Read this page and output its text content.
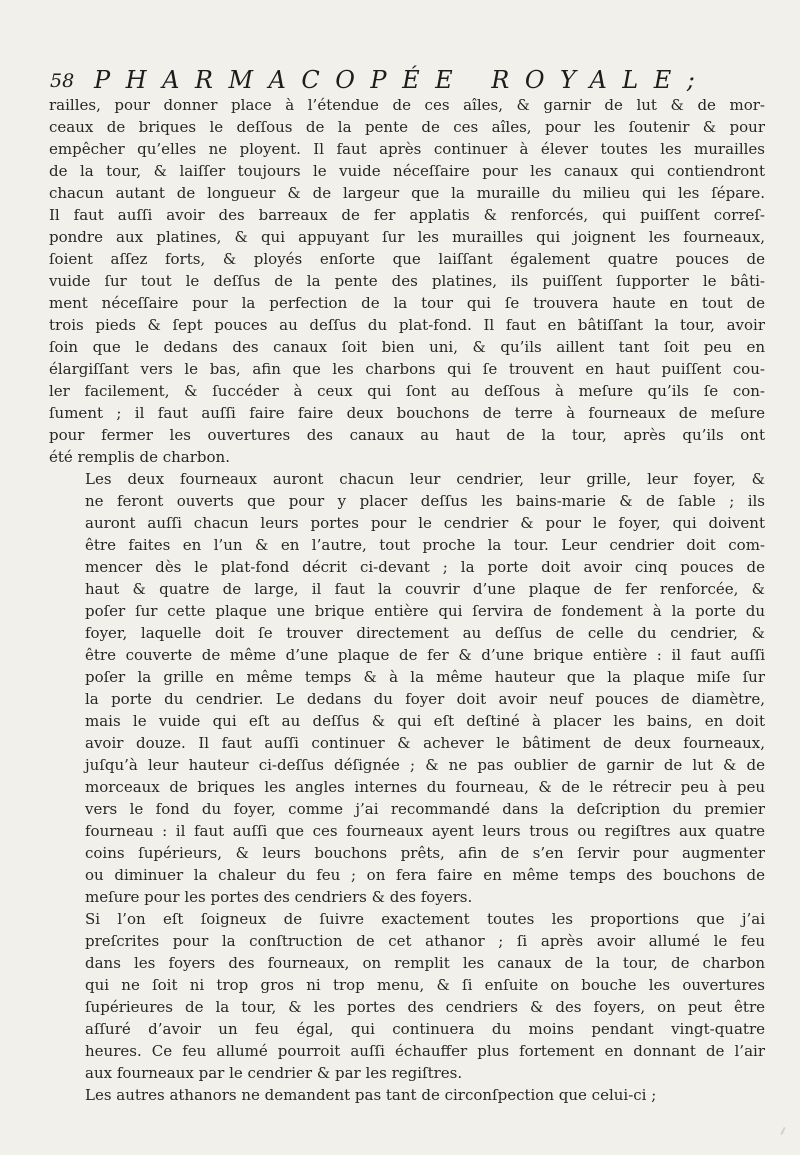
58 PHARMACOPÉE ROYALE;

railles, pour donner place à l’étendue de ces aîles, & garnir de lut & de mor‑
ceaux de briques le deſſous de la pente de ces aîles, pour les ſoutenir & pour
empêcher qu’elles ne ployent. Il faut après continuer à élever toutes les murailles
de la tour, & laiſſer toujours le vuide néceſſaire pour les canaux qui contiendront
chacun autant de longueur & de largeur que la muraille du milieu qui les ſépare.
Il faut auſſi avoir des barreaux de fer applatis & renforcés, qui puiſſent correſ‑
pondre aux platines, & qui appuyant ſur les murailles qui joignent les fourneaux,
ſoient aſſez forts, & ployés enſorte que laiſſant également quatre pouces de
vuide ſur tout le deſſus de la pente des platines, ils puiſſent ſupporter le bâti‑
ment néceſſaire pour la perfection de la tour qui ſe trouvera haute en tout de
trois pieds & ſept pouces au deſſus du plat‑fond. Il faut en bâtiſſant la tour, avoir
ſoin que le dedans des canaux ſoit bien uni, & qu’ils aillent tant ſoit peu en
élargiſſant vers le bas, afin que les charbons qui ſe trouvent en haut puiſſent cou‑
ler facilement, & ſuccéder à ceux qui ſont au deſſous à meſure qu’ils ſe con‑
ſument ; il faut auſſi faire faire deux bouchons de terre à fourneaux de meſure
pour fermer les ouvertures des canaux au haut de la tour, après qu’ils ont
été remplis de charbon.

Les deux fourneaux auront chacun leur cendrier, leur grille, leur foyer, &
ne feront ouverts que pour y placer deſſus les bains‑marie & de ſable ; ils
auront auſſi chacun leurs portes pour le cendrier & pour le foyer, qui doivent
être faites en l’un & en l’autre, tout proche la tour. Leur cendrier doit com‑
mencer dès le plat‑fond décrit ci‑devant ; la porte doit avoir cinq pouces de
haut & quatre de large, il faut la couvrir d’une plaque de fer renforcée, &
poſer ſur cette plaque une brique entière qui ſervira de fondement à la porte du
foyer, laquelle doit ſe trouver directement au deſſus de celle du cendrier, &
être couverte de même d’une plaque de fer & d’une brique entière : il faut auſſi
poſer la grille en même temps & à la même hauteur que la plaque miſe ſur
la porte du cendrier. Le dedans du foyer doit avoir neuf pouces de diamètre,
mais le vuide qui eſt au deſſus & qui eſt deſtiné à placer les bains, en doit
avoir douze. Il faut auſſi continuer & achever le bâtiment de deux fourneaux,
juſqu’à leur hauteur ci‑deſſus déſignée ; & ne pas oublier de garnir de lut & de
morceaux de briques les angles internes du fourneau, & de le rétrecir peu à peu
vers le fond du foyer, comme j’ai recommandé dans la deſcription du premier
fourneau : il faut auſſi que ces fourneaux ayent leurs trous ou regiſtres aux quatre
coins ſupérieurs, & leurs bouchons prêts, afin de s’en ſervir pour augmenter
ou diminuer la chaleur du feu ; on fera faire en même temps des bouchons de
meſure pour les portes des cendriers & des foyers.

Si l’on eſt ſoigneux de ſuivre exactement toutes les proportions que j’ai
preſcrites pour la conſtruction de cet athanor ; ſi après avoir allumé le feu
dans les foyers des fourneaux, on remplit les canaux de la tour, de charbon
qui ne ſoit ni trop gros ni trop menu, & ſi enſuite on bouche les ouvertures
ſupérieures de la tour, & les portes des cendriers & des foyers, on peut être
aſſuré d’avoir un feu égal, qui continuera du moins pendant vingt‑quatre
heures. Ce feu allumé pourroit auſſi échauffer plus fortement en donnant de l’air
aux fourneaux par le cendrier & par les regiſtres.

Les autres athanors ne demandent pas tant de circonſpection que celui‑ci ;
